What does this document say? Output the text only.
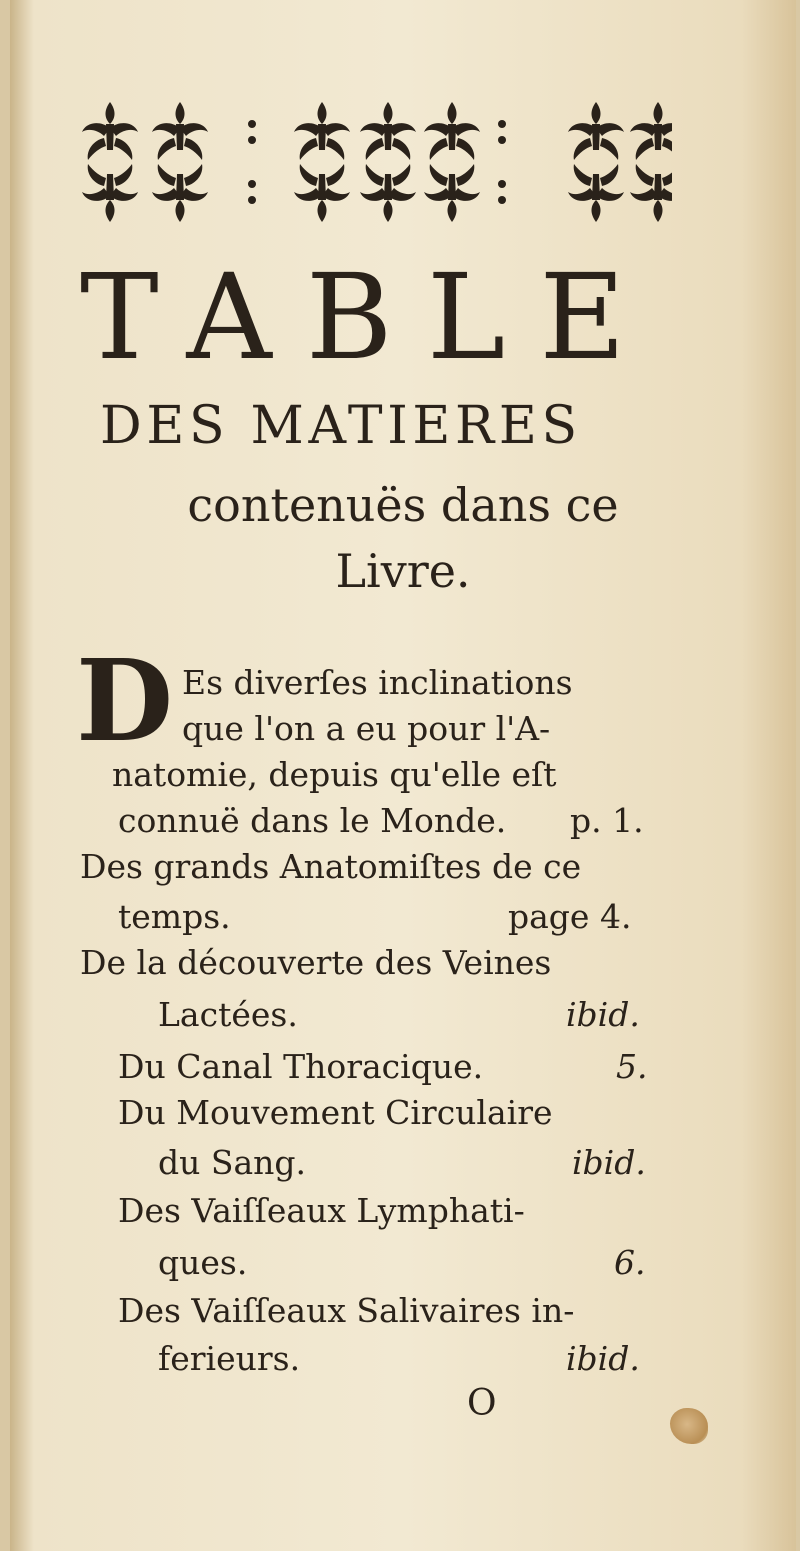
TABLE
DES MATIERES
contenuës dans ce
Livre.
D Es diverſes inclinations
que l'on a eu pour l'A-
natomie, depuis qu'elle eſt
connuë dans le Monde. p. 1.
Des grands Anatomiſtes de ce
temps.	page 4.
De la découverte des Veines
Lactées.	ibid.
Du Canal Thoracique.	5.
Du Mouvement Circulaire
du Sang.	ibid.
Des Vaiſſeaux Lymphati-
ques.	6.
Des Vaiſſeaux Salivaires in-
ferieurs.	ibid.
O
